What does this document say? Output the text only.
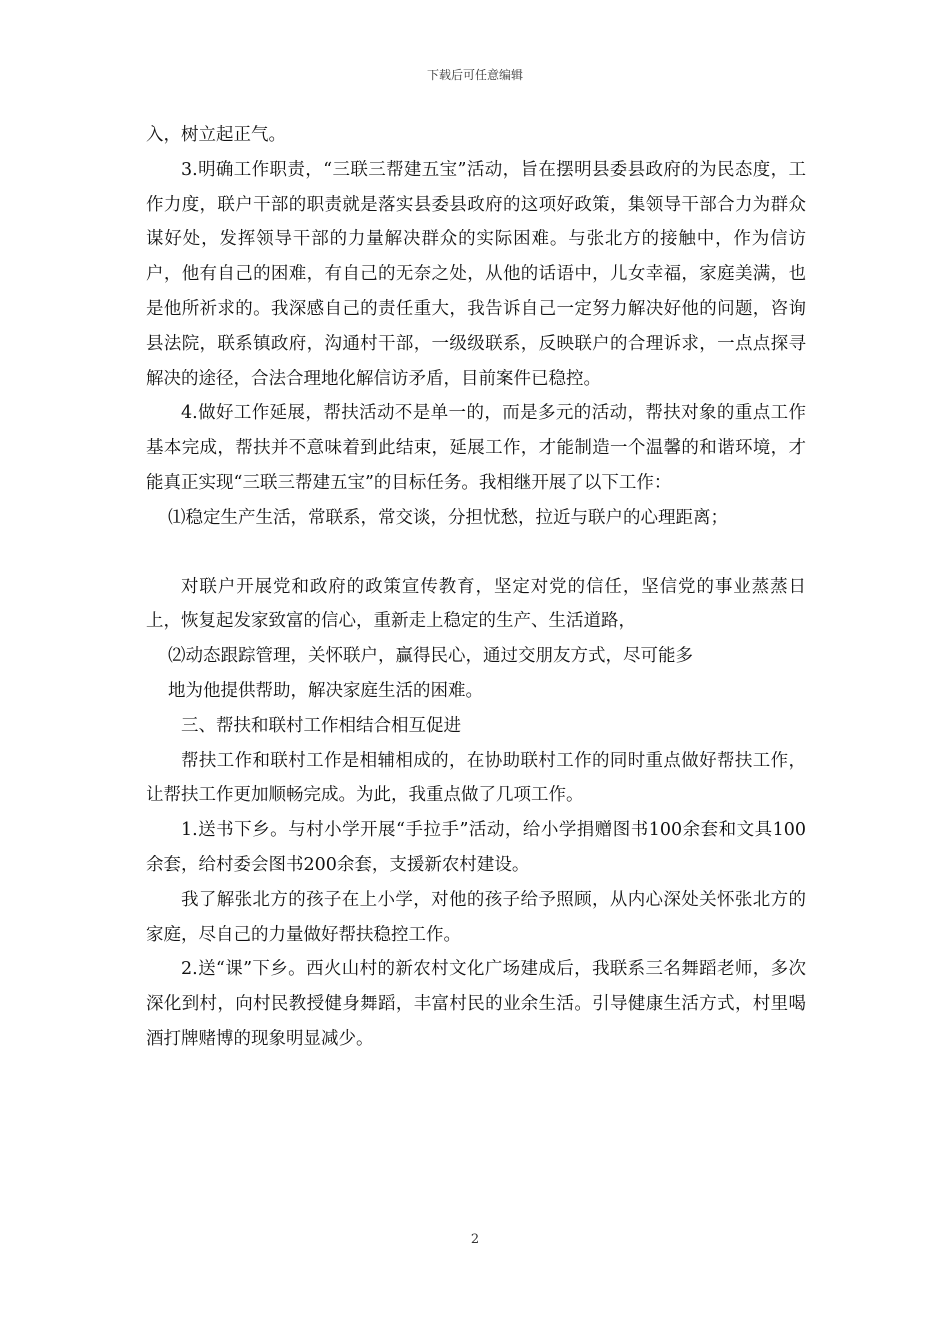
下载后可任意编辑

入，树立起正气。

3.明确工作职责，“三联三帮建五宝”活动，旨在摆明县委县政府的为民态度，工作力度，联户干部的职责就是落实县委县政府的这项好政策，集领导干部合力为群众谋好处，发挥领导干部的力量解决群众的实际困难。与张北方的接触中，作为信访户，他有自己的困难，有自己的无奈之处，从他的话语中，儿女幸福，家庭美满，也是他所祈求的。我深感自己的责任重大，我告诉自己一定努力解决好他的问题，咨询县法院，联系镇政府，沟通村干部，一级级联系，反映联户的合理诉求，一点点探寻解决的途径，合法合理地化解信访矛盾，目前案件已稳控。

4.做好工作延展，帮扶活动不是单一的，而是多元的活动，帮扶对象的重点工作基本完成，帮扶并不意味着到此结束，延展工作，才能制造一个温馨的和谐环境，才能真正实现“三联三帮建五宝”的目标任务。我相继开展了以下工作：

⑴稳定生产生活，常联系，常交谈，分担忧愁，拉近与联户的心理距离；

对联户开展党和政府的政策宣传教育，坚定对党的信任，坚信党的事业蒸蒸日上，恢复起发家致富的信心，重新走上稳定的生产、生活道路，

⑵动态跟踪管理，关怀联户，赢得民心，通过交朋友方式，尽可能多

地为他提供帮助，解决家庭生活的困难。

三、帮扶和联村工作相结合相互促进

帮扶工作和联村工作是相辅相成的，在协助联村工作的同时重点做好帮扶工作，让帮扶工作更加顺畅完成。为此，我重点做了几项工作。

1.送书下乡。与村小学开展“手拉手”活动，给小学捐赠图书100余套和文具100余套，给村委会图书200余套，支援新农村建设。

我了解张北方的孩子在上小学，对他的孩子给予照顾，从内心深处关怀张北方的家庭，尽自己的力量做好帮扶稳控工作。

2.送“课”下乡。西火山村的新农村文化广场建成后，我联系三名舞蹈老师，多次深化到村，向村民教授健身舞蹈，丰富村民的业余生活。引导健康生活方式，村里喝酒打牌赌博的现象明显减少。

2
